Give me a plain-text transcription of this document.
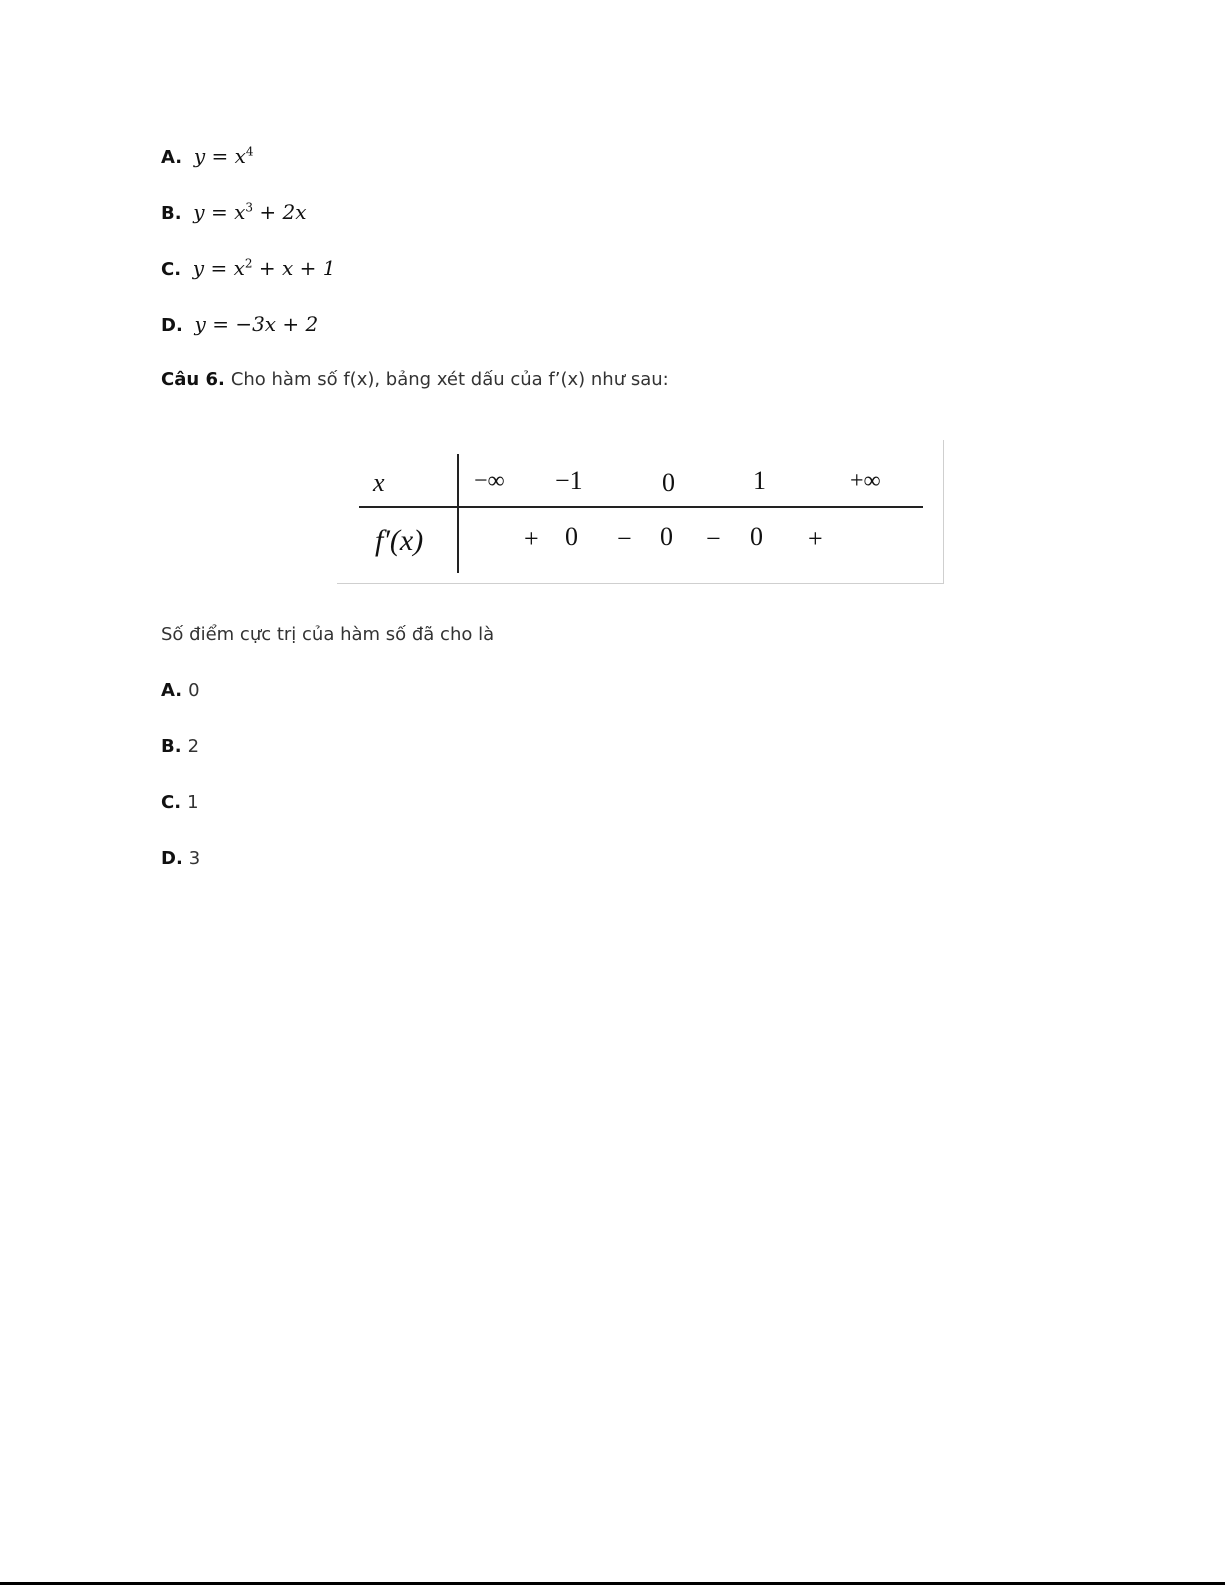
A. $y = x^4$
B. $y = x^3 + 2x$
C. $y = x^2 + x + 1$
D. y = −3x + 2
Câu 6. Cho hàm số f(x), bảng xét dấu của f’(x) như sau:
x	−∞ −1	0	1	+∞
f′(x)	+ 0 − 0 − 0 +
Số điểm cực trị của hàm số đã cho là
A. 0
B. 2
C. 1
D. 3
